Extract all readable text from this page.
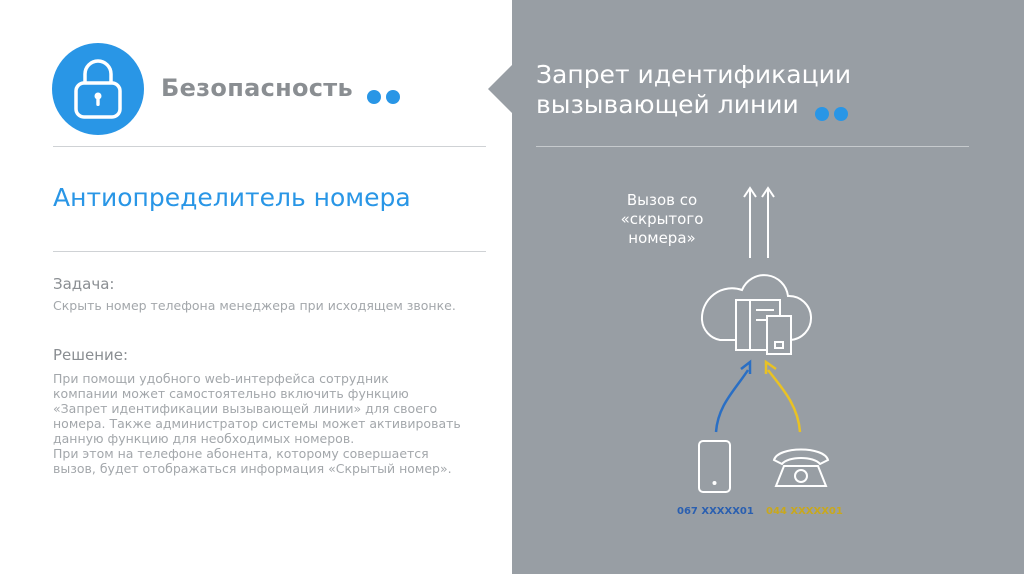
Безопасность
Антиопределитель номера
Задача:
Скрыть номер телефона менеджера при исходящем звонке.
Решение:
При помощи удобного web-интерфейса сотрудник
компании может самостоятельно включить функцию
«Запрет идентификации вызывающей линии» для своего
номера. Также администратор системы может активировать
данную функцию для необходимых номеров.
При этом на телефоне абонента, которому совершается
вызов, будет отображаться информация «Скрытый номер».
Запрет идентификации
вызывающей линии
Вызов со
«скрытого
номера»
067 XXXXX01 044 XXXXX01
